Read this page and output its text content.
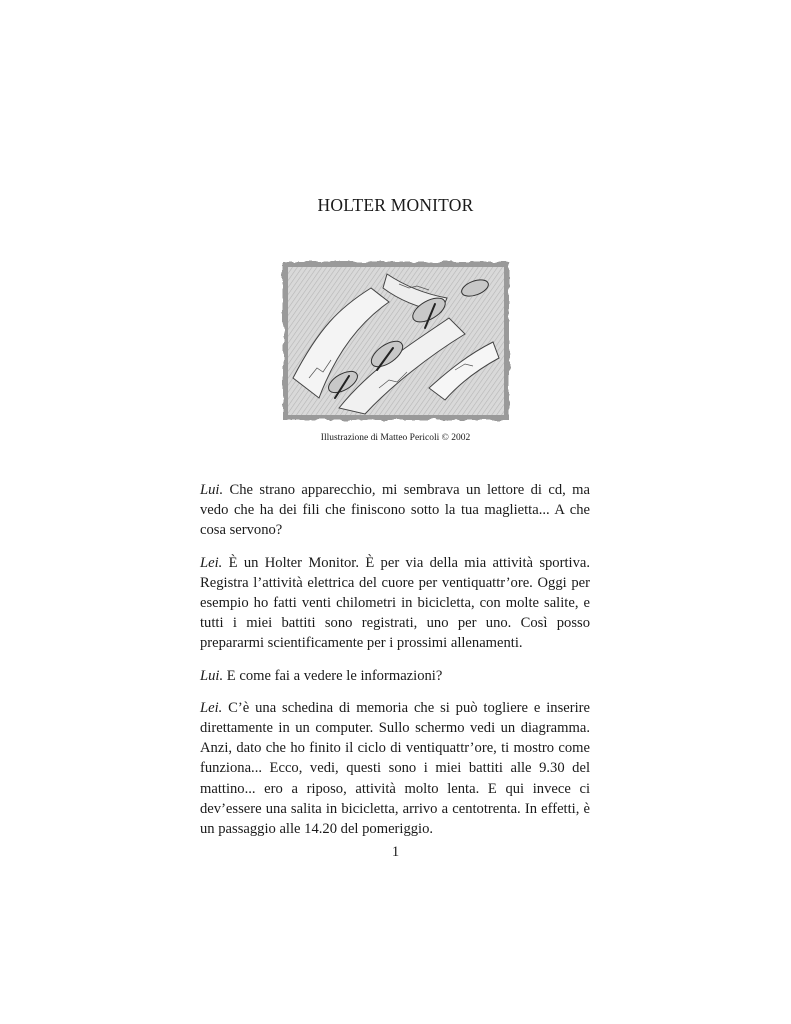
HOLTER MONITOR
Illustrazione di Matteo Pericoli © 2002

Lui. Che strano apparecchio, mi sembrava un lettore di cd, ma vedo che ha dei fili che finiscono sotto la tua maglietta... A che cosa servono?

Lei. È un Holter Monitor. È per via della mia attività sportiva. Registra l’attività elettrica del cuore per ventiquattr’ore. Oggi per esempio ho fatti venti chilometri in bicicletta, con molte salite, e tutti i miei battiti sono registrati, uno per uno. Così posso prepararmi scientificamente per i prossimi allenamenti.

Lui. E come fai a vedere le informazioni?

Lei. C’è una schedina di memoria che si può togliere e inserire direttamente in un computer. Sullo schermo vedi un diagramma. Anzi, dato che ho finito il ciclo di ventiquattr’ore, ti mostro come funziona... Ecco, vedi, questi sono i miei battiti alle 9.30 del mattino... ero a riposo, attività molto lenta. E qui invece ci dev’essere una salita in bicicletta, arrivo a centotrenta. In effetti, è un passaggio alle 14.20 del pomeriggio.

1
